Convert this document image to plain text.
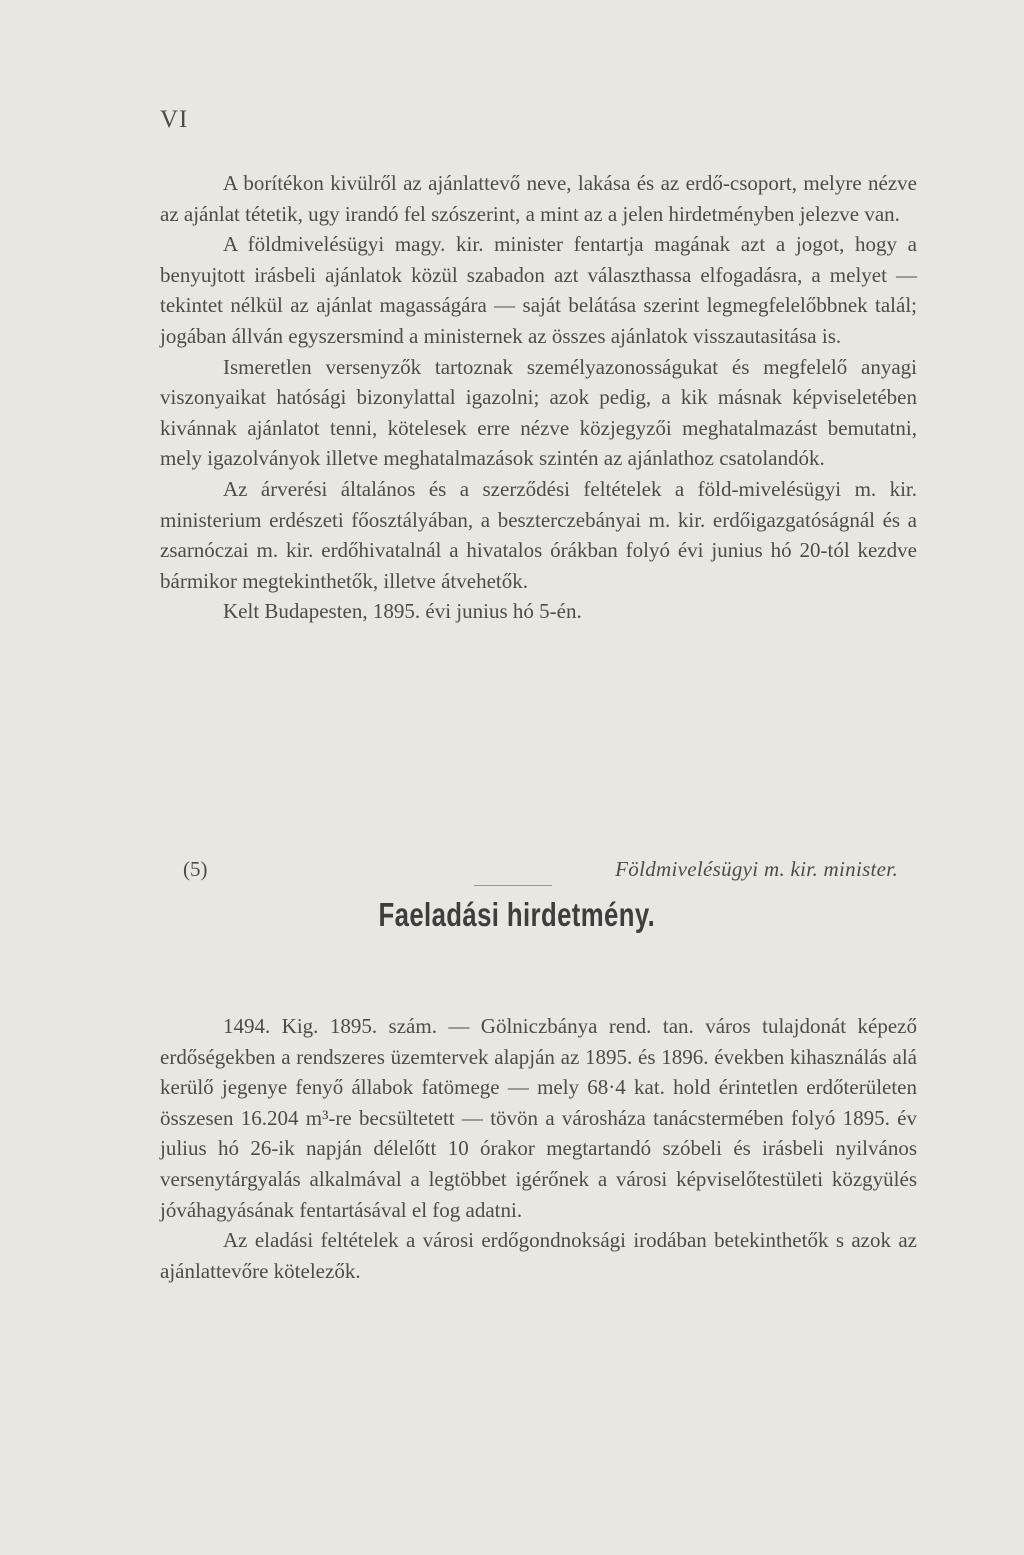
VI

A borítékon kivülről az ajánlattevő neve, lakása és az erdő-csoport, melyre nézve az ajánlat tétetik, ugy irandó fel szószerint, a mint az a jelen hirdetményben jelezve van.

A földmivelésügyi magy. kir. minister fentartja magának azt a jogot, hogy a benyujtott irásbeli ajánlatok közül szabadon azt választhassa elfogadásra, a melyet — tekintet nélkül az ajánlat magasságára — saját belátása szerint legmegfelelőbbnek talál; jogában állván egyszersmind a ministernek az összes ajánlatok visszautasitása is.

Ismeretlen versenyzők tartoznak személyazonosságukat és megfelelő anyagi viszonyaikat hatósági bizonylattal igazolni; azok pedig, a kik másnak képviseletében kivánnak ajánlatot tenni, kötelesek erre nézve közjegyzői meghatalmazást bemutatni, mely igazolványok illetve meghatalmazások szintén az ajánlathoz csatolandók.

Az árverési általános és a szerződési feltételek a föld-mivelésügyi m. kir. ministerium erdészeti főosztályában, a beszterczebányai m. kir. erdőigazgatóságnál és a zsarnóczai m. kir. erdőhivatalnál a hivatalos órákban folyó évi junius hó 20-tól kezdve bármikor megtekinthetők, illetve átvehetők.

Kelt Budapesten, 1895. évi junius hó 5-én.

(5)	Földmivelésügyi m. kir. minister.
Faeladási hirdetmény.

1494. Kig. 1895. szám. — Gölniczbánya rend. tan. város tulajdonát képező erdőségekben a rendszeres üzemtervek alapján az 1895. és 1896. években kihasználás alá kerülő jegenye fenyő állabok fatömege — mely 68·4 kat. hold érintetlen erdőterületen összesen 16.204 m³-re becsültetett — tövön a városháza tanácstermében folyó 1895. év julius hó 26-ik napján délelőtt 10 órakor megtartandó szóbeli és irásbeli nyilvános versenytárgyalás alkalmával a legtöbbet igérőnek a városi képviselőtestületi közgyülés jóváhagyásának fentartásával el fog adatni.

Az eladási feltételek a városi erdőgondnoksági irodában betekinthetők s azok az ajánlattevőre kötelezők.
